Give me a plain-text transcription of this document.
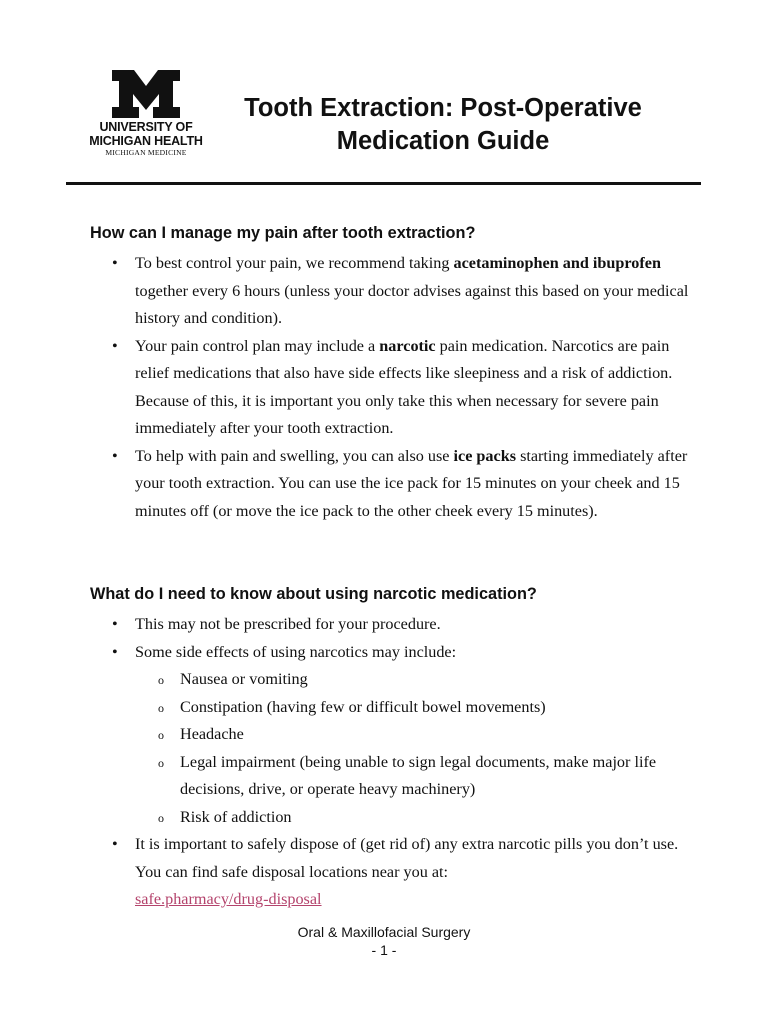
UNIVERSITY OF
MICHIGAN HEALTH
MICHIGAN MEDICINE
Tooth Extraction: Post-Operative
Medication Guide
How can I manage my pain after tooth extraction?
• To best control your pain, we recommend taking acetaminophen and ibuprofen together every 6 hours (unless your doctor advises against this based on your medical history and condition).
• Your pain control plan may include a narcotic pain medication. Narcotics are pain relief medications that also have side effects like sleepiness and a risk of addiction. Because of this, it is important you only take this when necessary for severe pain immediately after your tooth extraction.
• To help with pain and swelling, you can also use ice packs starting immediately after your tooth extraction. You can use the ice pack for 15 minutes on your cheek and 15 minutes off (or move the ice pack to the other cheek every 15 minutes).
What do I need to know about using narcotic medication?
• This may not be prescribed for your procedure.
• Some side effects of using narcotics may include:
o Nausea or vomiting
o Constipation (having few or difficult bowel movements)
o Headache
o Legal impairment (being unable to sign legal documents, make major life decisions, drive, or operate heavy machinery)
o Risk of addiction
• It is important to safely dispose of (get rid of) any extra narcotic pills you don’t use. You can find safe disposal locations near you at:
safe.pharmacy/drug-disposal
Oral & Maxillofacial Surgery
- 1 -
